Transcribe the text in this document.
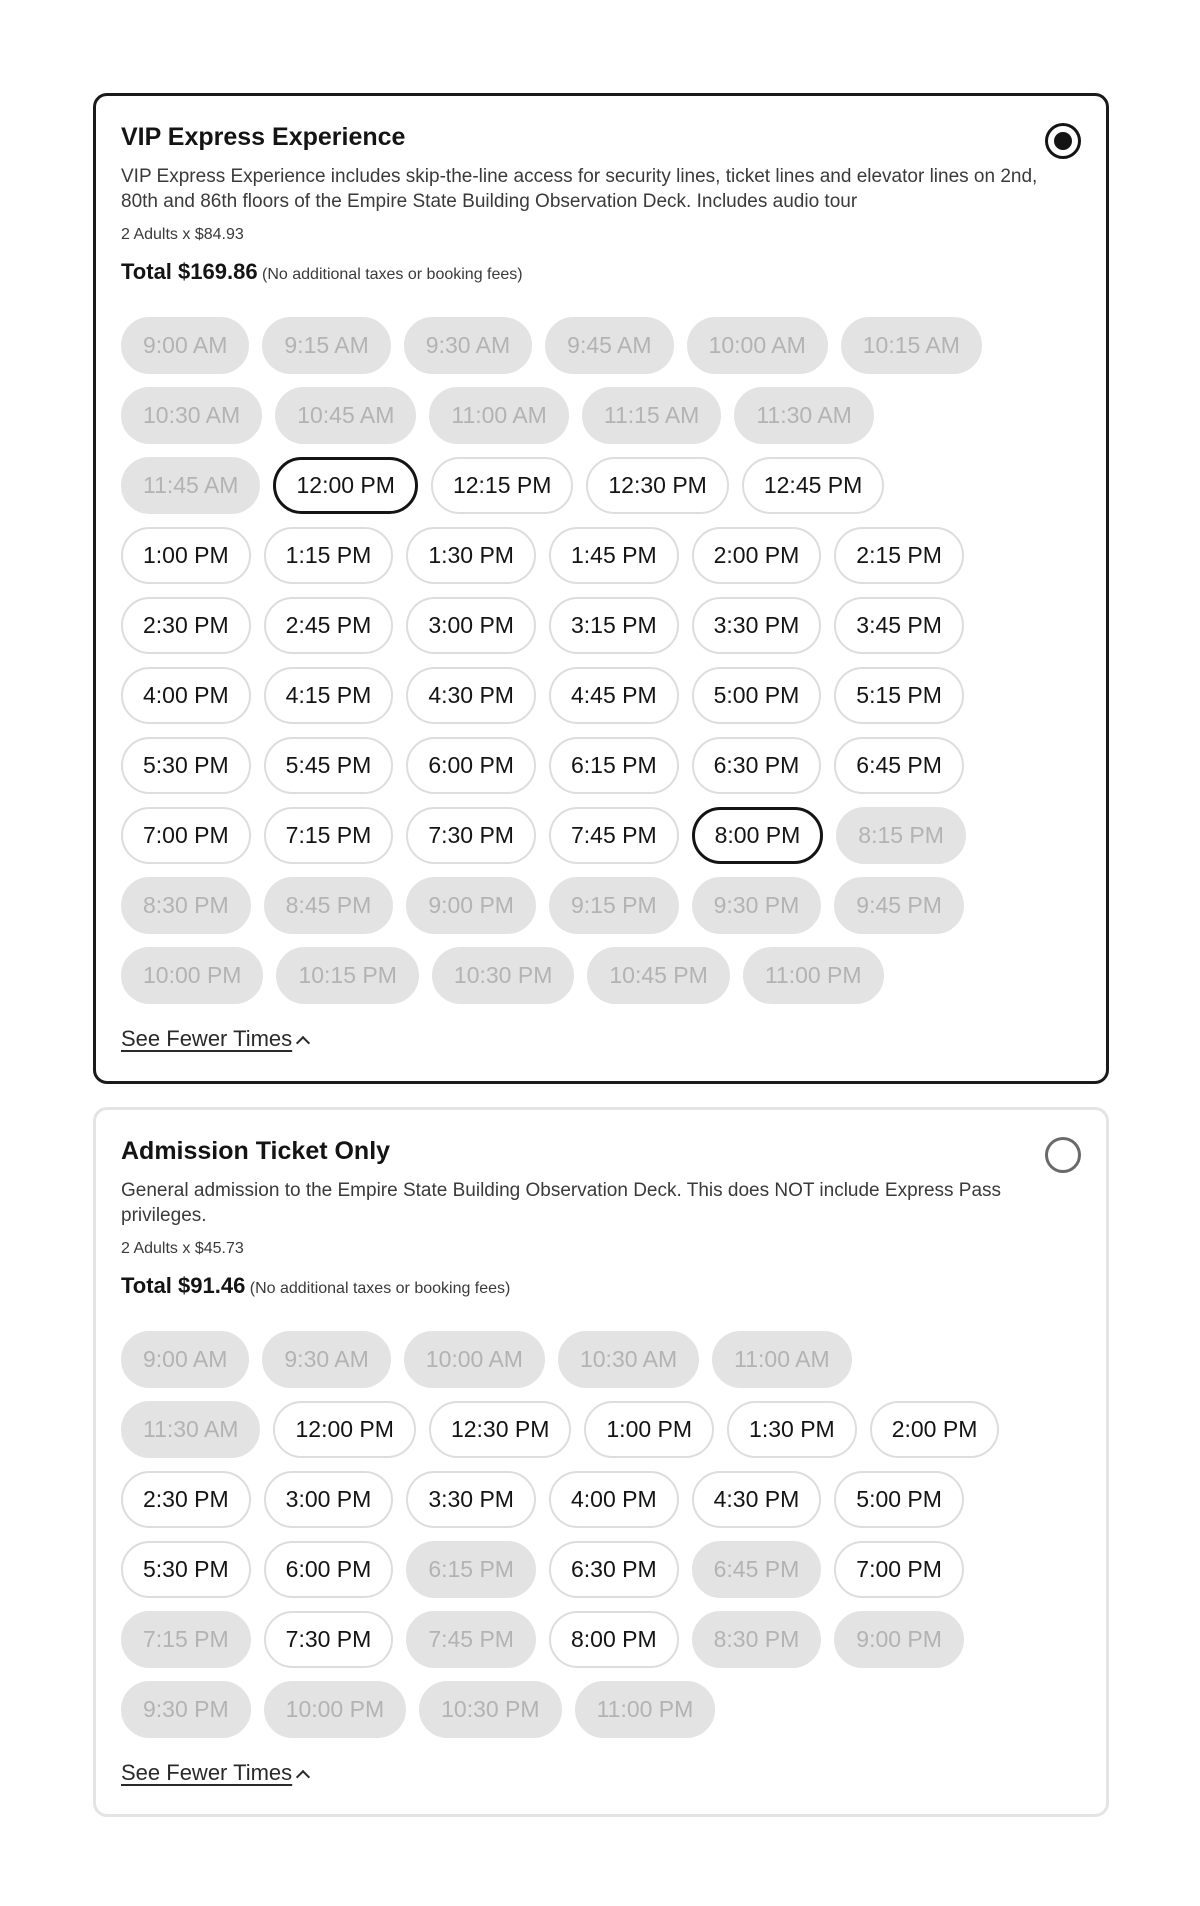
VIP Express Experience
VIP Express Experience includes skip-the-line access for security lines, ticket lines and elevator lines on 2nd, 80th and 86th floors of the Empire State Building Observation Deck. Includes audio tour
2 Adults x $84.93
Total $169.86 (No additional taxes or booking fees)
9:00 AM	9:15 AM	9:30 AM	9:45 AM	10:00 AM	10:15 AM
10:30 AM	10:45 AM	11:00 AM	11:15 AM	11:30 AM
11:45 AM	12:00 PM	12:15 PM	12:30 PM	12:45 PM
1:00 PM	1:15 PM	1:30 PM	1:45 PM	2:00 PM	2:15 PM
2:30 PM	2:45 PM	3:00 PM	3:15 PM	3:30 PM	3:45 PM
4:00 PM	4:15 PM	4:30 PM	4:45 PM	5:00 PM	5:15 PM
5:30 PM	5:45 PM	6:00 PM	6:15 PM	6:30 PM	6:45 PM
7:00 PM	7:15 PM	7:30 PM	7:45 PM	8:00 PM	8:15 PM
8:30 PM	8:45 PM	9:00 PM	9:15 PM	9:30 PM	9:45 PM
10:00 PM	10:15 PM	10:30 PM	10:45 PM	11:00 PM
See Fewer Times
Admission Ticket Only
General admission to the Empire State Building Observation Deck. This does NOT include Express Pass privileges.
2 Adults x $45.73
Total $91.46 (No additional taxes or booking fees)
9:00 AM	9:30 AM	10:00 AM	10:30 AM	11:00 AM
11:30 AM	12:00 PM	12:30 PM	1:00 PM	1:30 PM	2:00 PM
2:30 PM	3:00 PM	3:30 PM	4:00 PM	4:30 PM	5:00 PM
5:30 PM	6:00 PM	6:15 PM	6:30 PM	6:45 PM	7:00 PM
7:15 PM	7:30 PM	7:45 PM	8:00 PM	8:30 PM	9:00 PM
9:30 PM	10:00 PM	10:30 PM	11:00 PM
See Fewer Times
